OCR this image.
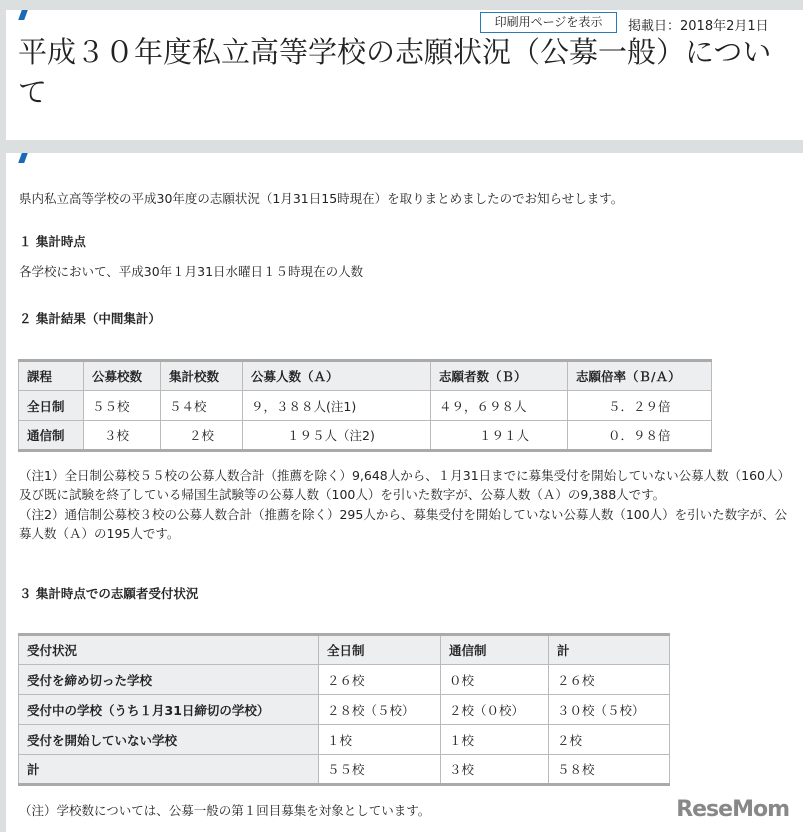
印刷用ページを表示	掲載日：2018年2月1日
平成３０年度私立高等学校の志願状況（公募一般）について
県内私立高等学校の平成30年度の志願状況（1月31日15時現在）を取りまとめましたのでお知らせします。
１ 集計時点
各学校において、平成30年１月31日水曜日１５時現在の人数
２ 集計結果（中間集計）
課程	公募校数	集計校数	公募人数（Ａ）	志願者数（Ｂ）	志願倍率（Ｂ/Ａ）
全日制	５５校	５４校	９，３８８人(注1)	４９，６９８人	５．２９倍
通信制	３校	２校	１９５人（注2)	１９１人	０．９８倍
（注1）全日制公募校５５校の公募人数合計（推薦を除く）9,648人から、１月31日までに募集受付を開始していない公募人数（160人）及び既に試験を終了している帰国生試験等の公募人数（100人）を引いた数字が、公募人数（Ａ）の9,388人です。
（注2）通信制公募校３校の公募人数合計（推薦を除く）295人から、募集受付を開始していない公募人数（100人）を引いた数字が、公募人数（Ａ）の195人です。
３ 集計時点での志願者受付状況
受付状況	全日制	通信制	計
受付を締め切った学校	２６校	０校	２６校
受付中の学校（うち１月31日締切の学校）	２８校（５校）	２校（０校）	３０校（５校）
受付を開始していない学校	１校	１校	２校
計	５５校	３校	５８校
（注）学校数については、公募一般の第１回目募集を対象としています。	ReseMom
